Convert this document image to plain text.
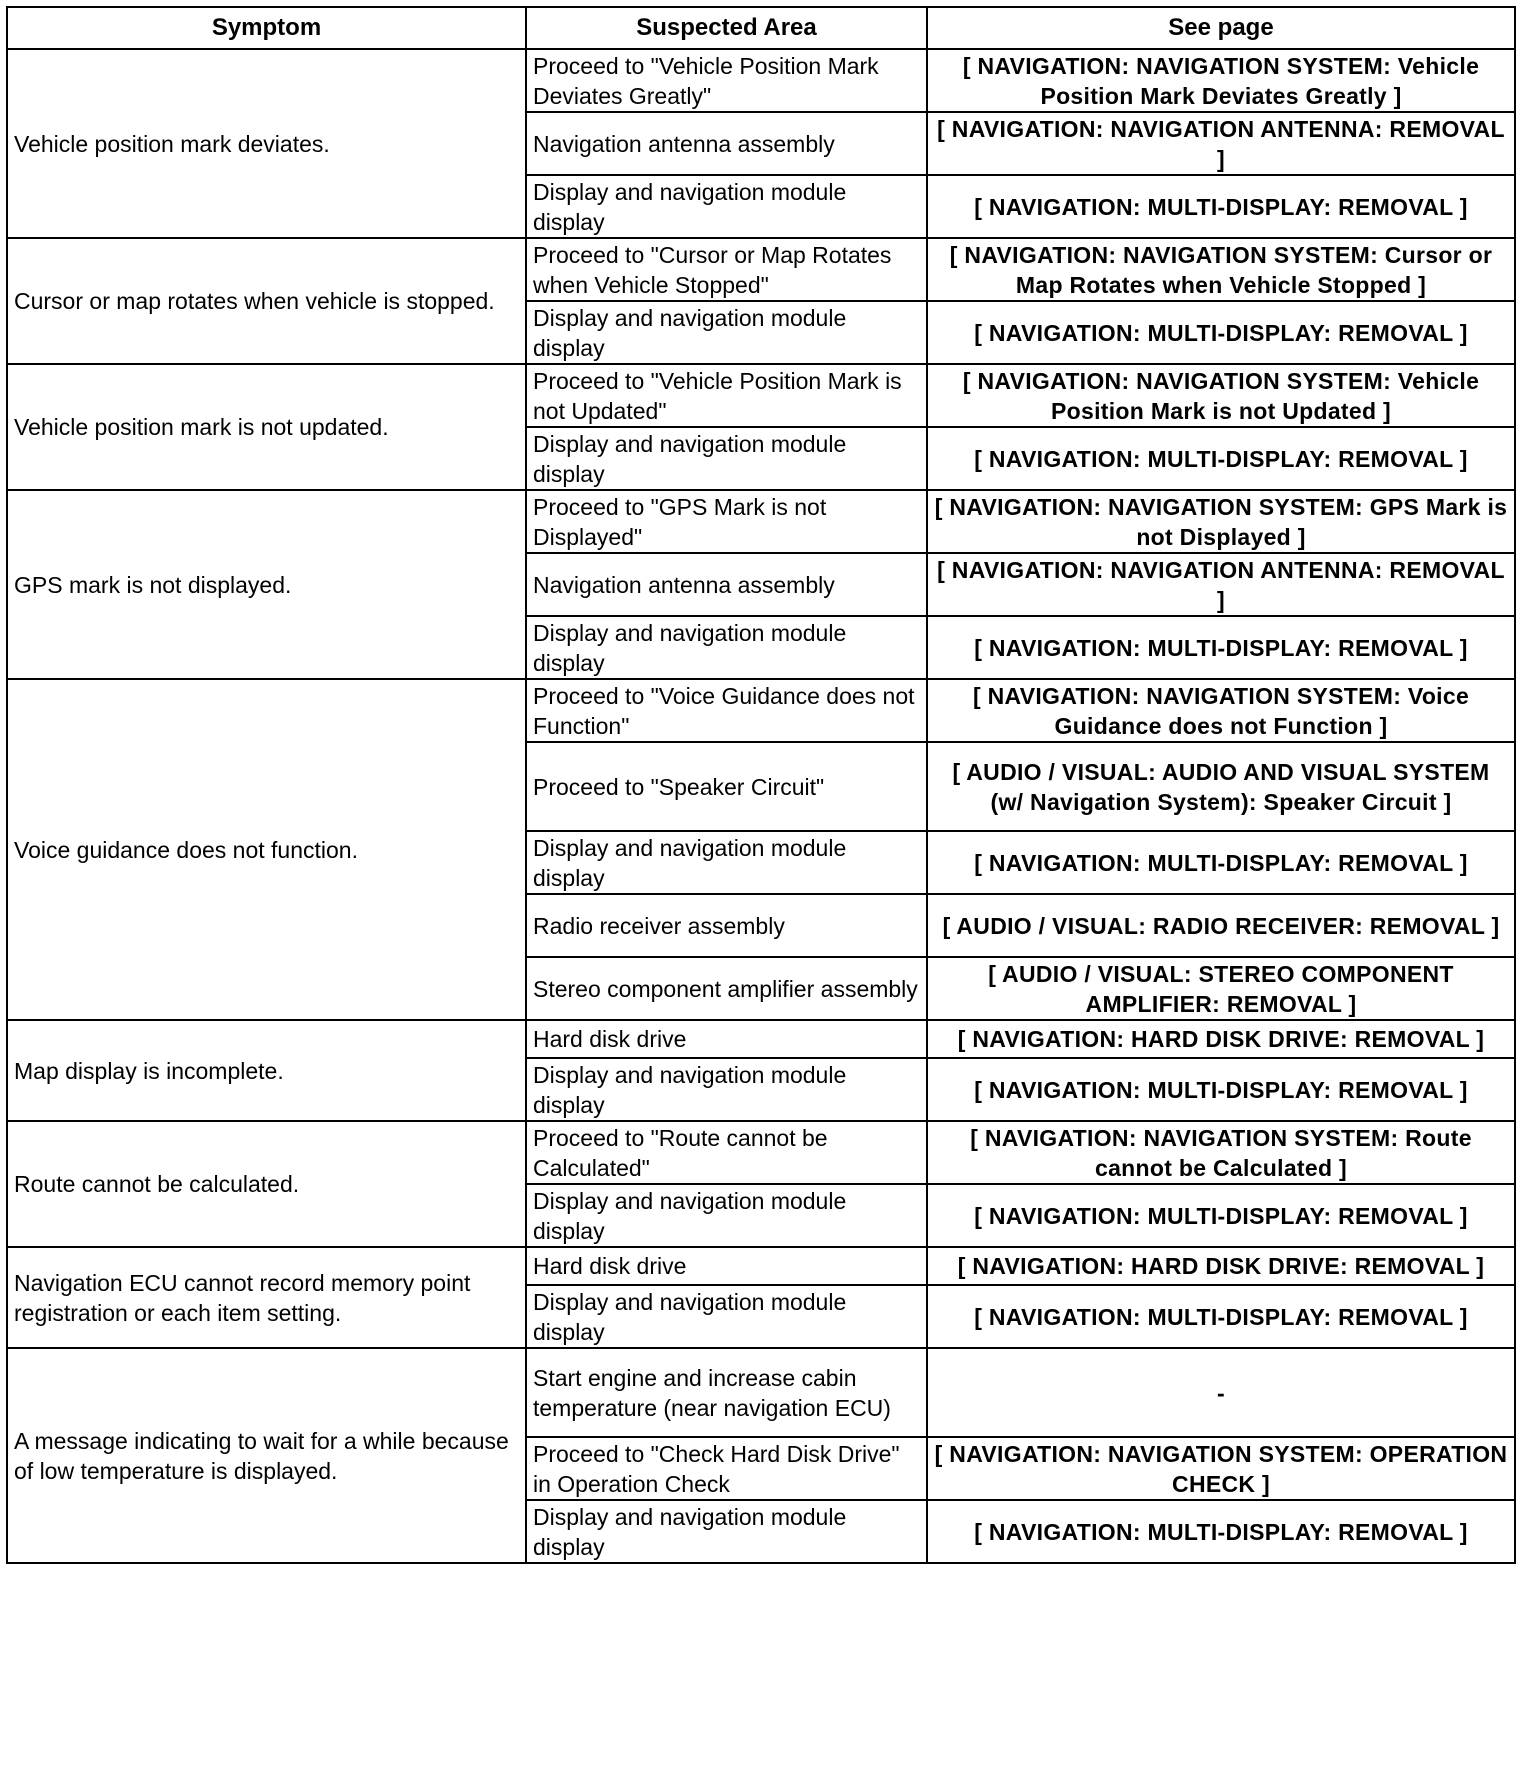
Symptom	Suspected Area	See page
Vehicle position mark deviates.	Proceed to "Vehicle Position Mark Deviates Greatly"	[ NAVIGATION: NAVIGATION SYSTEM: Vehicle Position Mark Deviates Greatly ]
	Navigation antenna assembly	[ NAVIGATION: NAVIGATION ANTENNA: REMOVAL ]
	Display and navigation module display	[ NAVIGATION: MULTI-DISPLAY: REMOVAL ]
Cursor or map rotates when vehicle is stopped.	Proceed to "Cursor or Map Rotates when Vehicle Stopped"	[ NAVIGATION: NAVIGATION SYSTEM: Cursor or Map Rotates when Vehicle Stopped ]
	Display and navigation module display	[ NAVIGATION: MULTI-DISPLAY: REMOVAL ]
Vehicle position mark is not updated.	Proceed to "Vehicle Position Mark is not Updated"	[ NAVIGATION: NAVIGATION SYSTEM: Vehicle Position Mark is not Updated ]
	Display and navigation module display	[ NAVIGATION: MULTI-DISPLAY: REMOVAL ]
GPS mark is not displayed.	Proceed to "GPS Mark is not Displayed"	[ NAVIGATION: NAVIGATION SYSTEM: GPS Mark is not Displayed ]
	Navigation antenna assembly	[ NAVIGATION: NAVIGATION ANTENNA: REMOVAL ]
	Display and navigation module display	[ NAVIGATION: MULTI-DISPLAY: REMOVAL ]
Voice guidance does not function.	Proceed to "Voice Guidance does not Function"	[ NAVIGATION: NAVIGATION SYSTEM: Voice Guidance does not Function ]
	Proceed to "Speaker Circuit"	[ AUDIO / VISUAL: AUDIO AND VISUAL SYSTEM (w/ Navigation System): Speaker Circuit ]
	Display and navigation module display	[ NAVIGATION: MULTI-DISPLAY: REMOVAL ]
	Radio receiver assembly	[ AUDIO / VISUAL: RADIO RECEIVER: REMOVAL ]
	Stereo component amplifier assembly	[ AUDIO / VISUAL: STEREO COMPONENT AMPLIFIER: REMOVAL ]
Map display is incomplete.	Hard disk drive	[ NAVIGATION: HARD DISK DRIVE: REMOVAL ]
	Display and navigation module display	[ NAVIGATION: MULTI-DISPLAY: REMOVAL ]
Route cannot be calculated.	Proceed to "Route cannot be Calculated"	[ NAVIGATION: NAVIGATION SYSTEM: Route cannot be Calculated ]
	Display and navigation module display	[ NAVIGATION: MULTI-DISPLAY: REMOVAL ]
Navigation ECU cannot record memory point registration or each item setting.	Hard disk drive	[ NAVIGATION: HARD DISK DRIVE: REMOVAL ]
	Display and navigation module display	[ NAVIGATION: MULTI-DISPLAY: REMOVAL ]
A message indicating to wait for a while because of low temperature is displayed.	Start engine and increase cabin temperature (near navigation ECU)	-
	Proceed to "Check Hard Disk Drive" in Operation Check	[ NAVIGATION: NAVIGATION SYSTEM: OPERATION CHECK ]
	Display and navigation module display	[ NAVIGATION: MULTI-DISPLAY: REMOVAL ]
